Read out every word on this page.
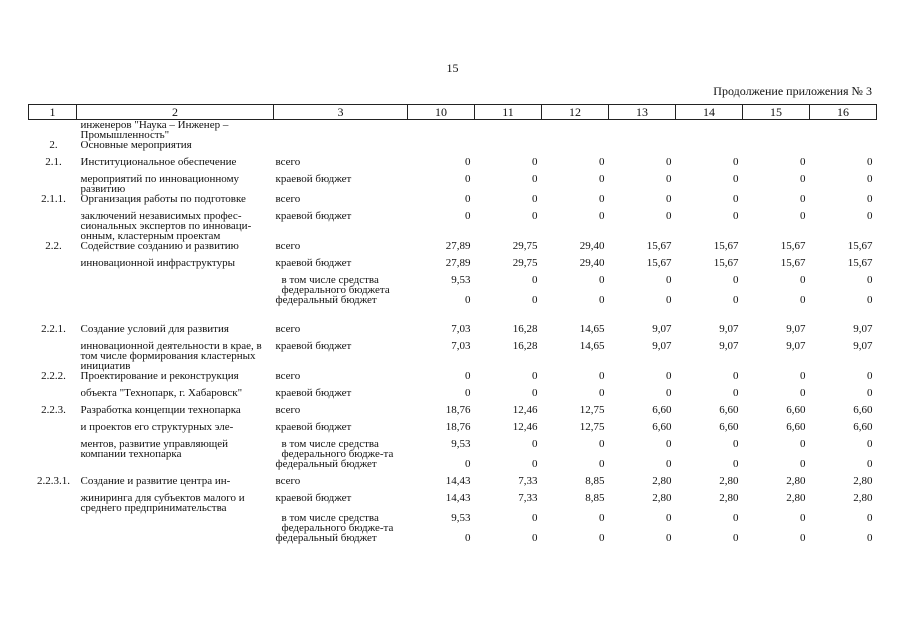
15
Продолжение приложения № 3
1	2	3	10	11	12	13	14	15	16
	инженеров "Наука – Инженер – Промышленность"								
2.	Основные мероприятия								
2.1.	Институциональное обеспечение	всего	0	0	0	0	0	0	0
	мероприятий по инновационному развитию	краевой бюджет	0	0	0	0	0	0	0
2.1.1.	Организация работы по подготовке	всего	0	0	0	0	0	0	0
	заключений независимых профес-сиональных экспертов по инноваци-онным, кластерным проектам	краевой бюджет	0	0	0	0	0	0	0
2.2.	Содействие созданию и развитию	всего	27,89	29,75	29,40	15,67	15,67	15,67	15,67
	инновационной инфраструктуры	краевой бюджет	27,89	29,75	29,40	15,67	15,67	15,67	15,67
		в том числе средства федерального бюджета	9,53	0	0	0	0	0	0
		федеральный бюджет	0	0	0	0	0	0	0

2.2.1.	Создание условий для развития	всего	7,03	16,28	14,65	9,07	9,07	9,07	9,07
	инновационной деятельности в крае, в том числе формирования кластерных инициатив	краевой бюджет	7,03	16,28	14,65	9,07	9,07	9,07	9,07
2.2.2.	Проектирование и реконструкция	всего	0	0	0	0	0	0	0
	объекта "Технопарк, г. Хабаровск"	краевой бюджет	0	0	0	0	0	0	0
2.2.3.	Разработка концепции технопарка	всего	18,76	12,46	12,75	6,60	6,60	6,60	6,60
	и проектов его структурных эле-	краевой бюджет	18,76	12,46	12,75	6,60	6,60	6,60	6,60
	ментов, развитие управляющей компании технопарка	в том числе средства федерального бюдже-та	9,53	0	0	0	0	0	0
		федеральный бюджет	0	0	0	0	0	0	0
2.2.3.1.	Создание и развитие центра ин-	всего	14,43	7,33	8,85	2,80	2,80	2,80	2,80
	жиниринга для субъектов малого и среднего предпринимательства	краевой бюджет	14,43	7,33	8,85	2,80	2,80	2,80	2,80
		в том числе средства федерального бюдже-та	9,53	0	0	0	0	0	0
		федеральный бюджет	0	0	0	0	0	0	0
